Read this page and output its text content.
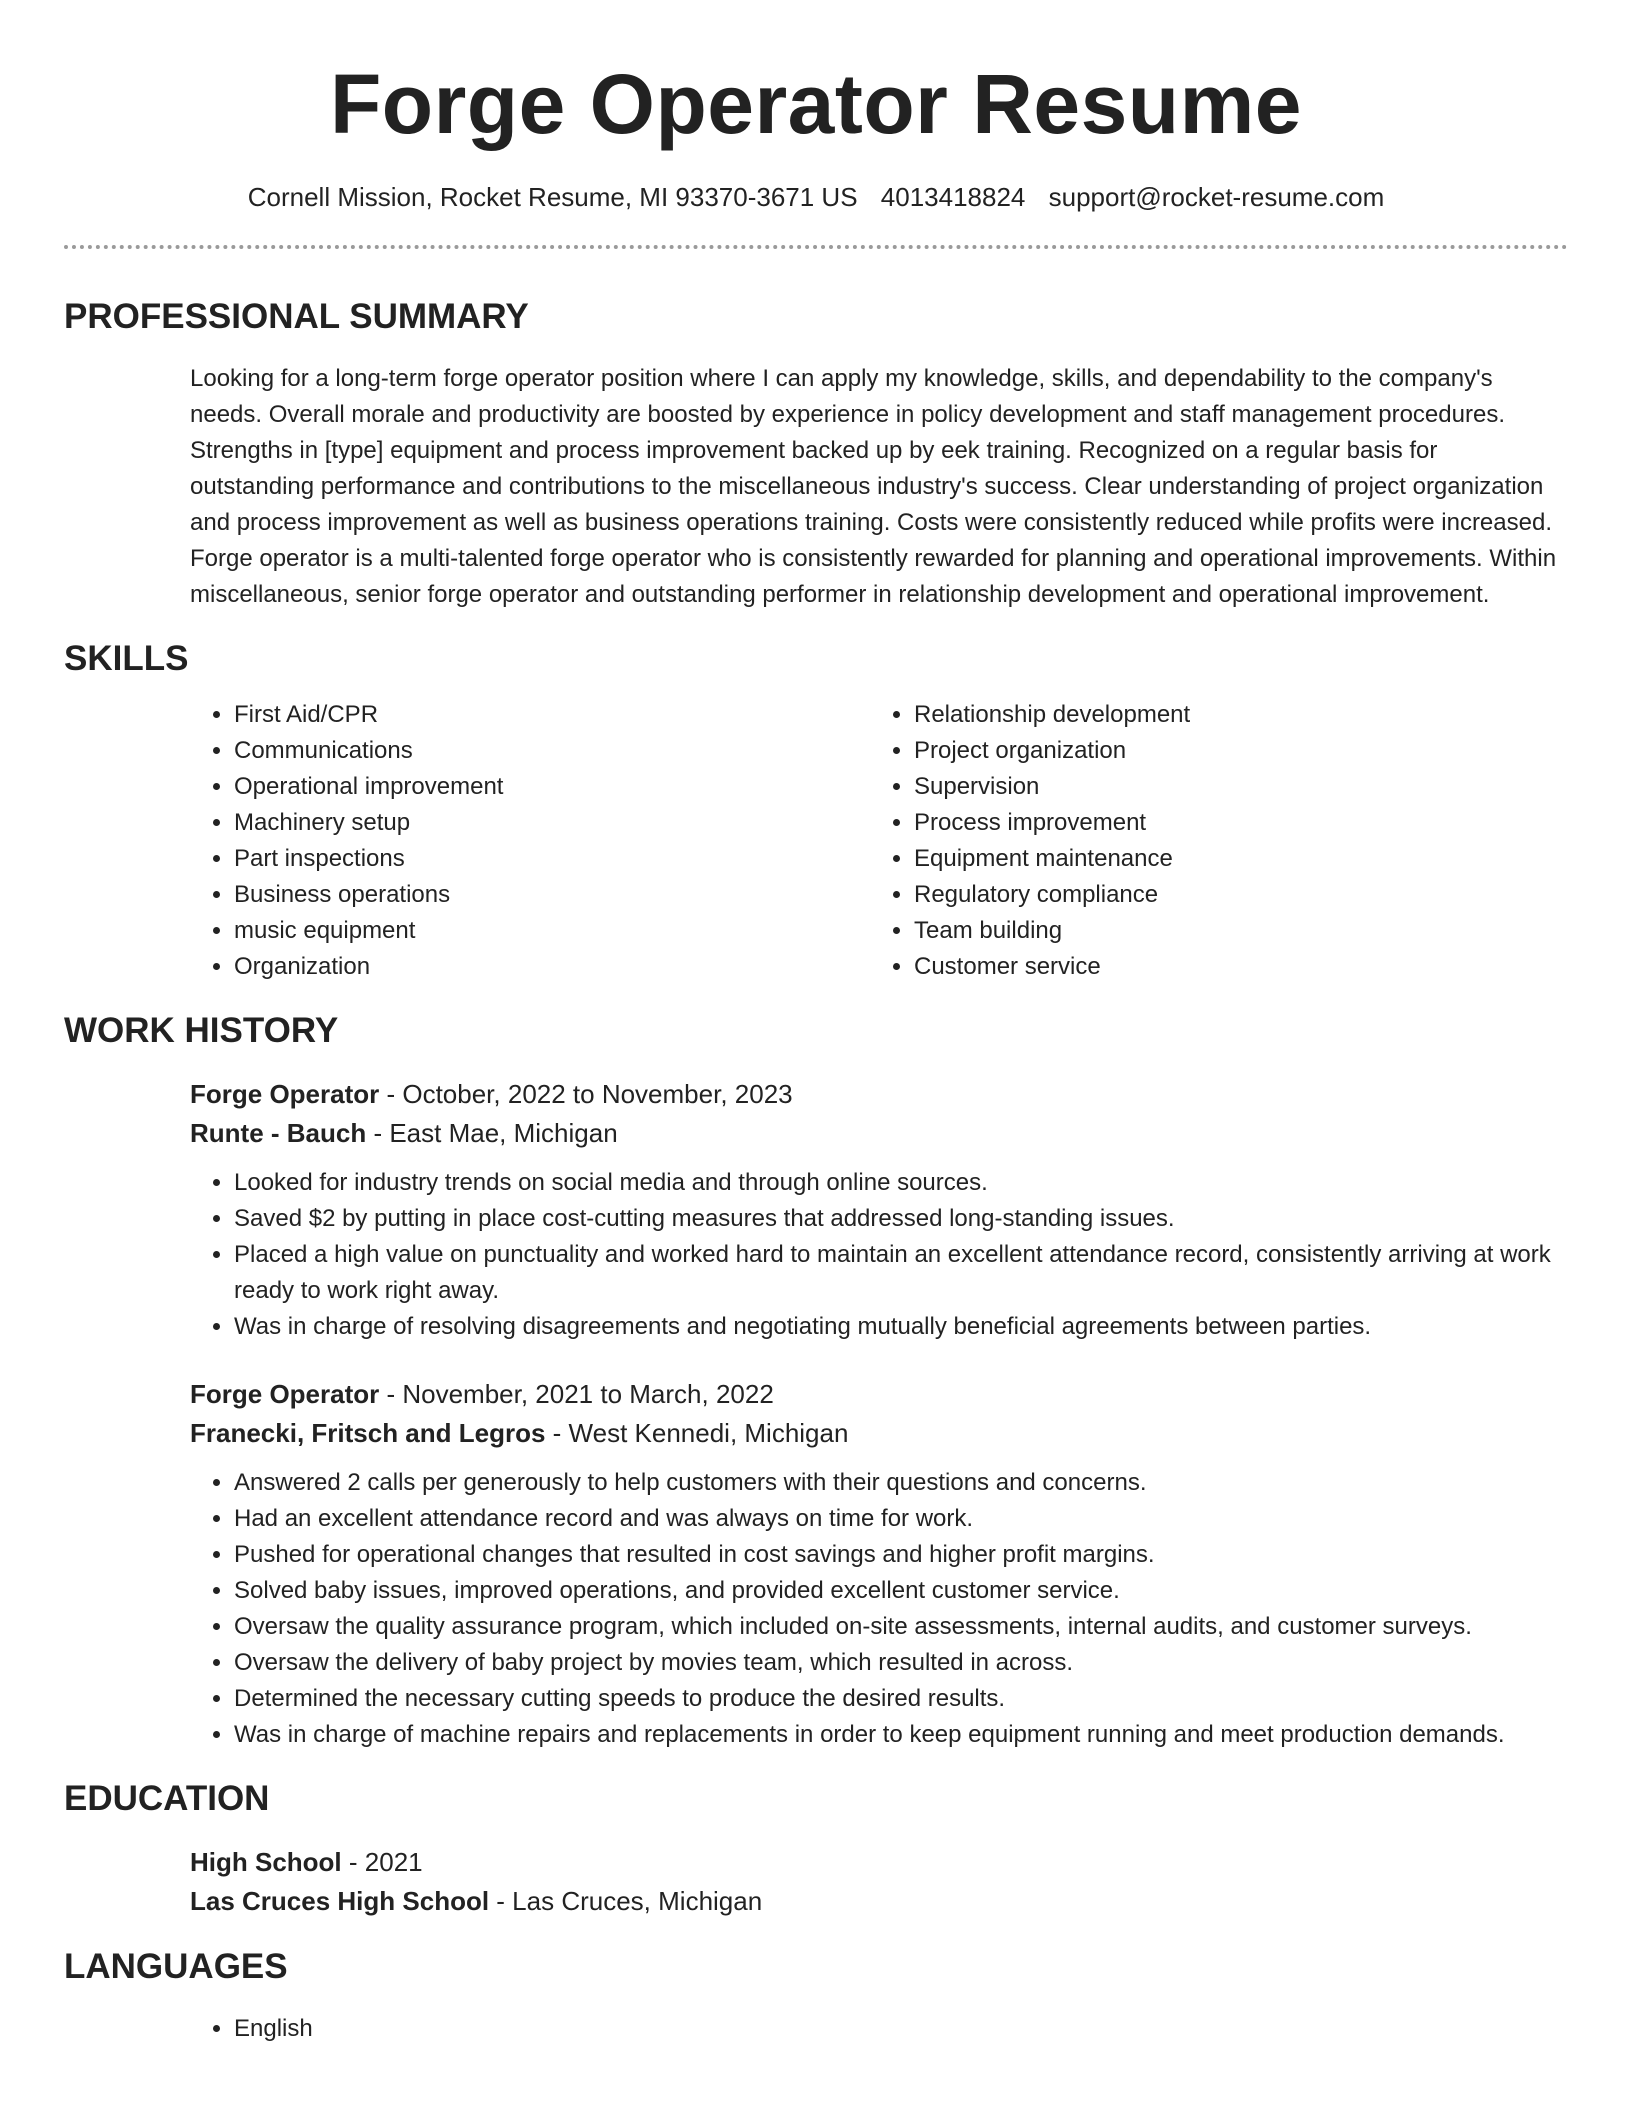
Forge Operator Resume
Cornell Mission, Rocket Resume, MI 93370-3671 US 4013418824 support@rocket-resume.com
PROFESSIONAL SUMMARY
Looking for a long-term forge operator position where I can apply my knowledge, skills, and dependability to the company's needs. Overall morale and productivity are boosted by experience in policy development and staff management procedures. Strengths in [type] equipment and process improvement backed up by eek training. Recognized on a regular basis for outstanding performance and contributions to the miscellaneous industry's success. Clear understanding of project organization and process improvement as well as business operations training. Costs were consistently reduced while profits were increased. Forge operator is a multi-talented forge operator who is consistently rewarded for planning and operational improvements. Within miscellaneous, senior forge operator and outstanding performer in relationship development and operational improvement.
SKILLS
• First Aid/CPR
• Communications
• Operational improvement
• Machinery setup
• Part inspections
• Business operations
• music equipment
• Organization
• Relationship development
• Project organization
• Supervision
• Process improvement
• Equipment maintenance
• Regulatory compliance
• Team building
• Customer service
WORK HISTORY
Forge Operator - October, 2022 to November, 2023
Runte - Bauch - East Mae, Michigan
• Looked for industry trends on social media and through online sources.
• Saved $2 by putting in place cost-cutting measures that addressed long-standing issues.
• Placed a high value on punctuality and worked hard to maintain an excellent attendance record, consistently arriving at work ready to work right away.
• Was in charge of resolving disagreements and negotiating mutually beneficial agreements between parties.
Forge Operator - November, 2021 to March, 2022
Franecki, Fritsch and Legros - West Kennedi, Michigan
• Answered 2 calls per generously to help customers with their questions and concerns.
• Had an excellent attendance record and was always on time for work.
• Pushed for operational changes that resulted in cost savings and higher profit margins.
• Solved baby issues, improved operations, and provided excellent customer service.
• Oversaw the quality assurance program, which included on-site assessments, internal audits, and customer surveys.
• Oversaw the delivery of baby project by movies team, which resulted in across.
• Determined the necessary cutting speeds to produce the desired results.
• Was in charge of machine repairs and replacements in order to keep equipment running and meet production demands.
EDUCATION
High School - 2021
Las Cruces High School - Las Cruces, Michigan
LANGUAGES
• English
